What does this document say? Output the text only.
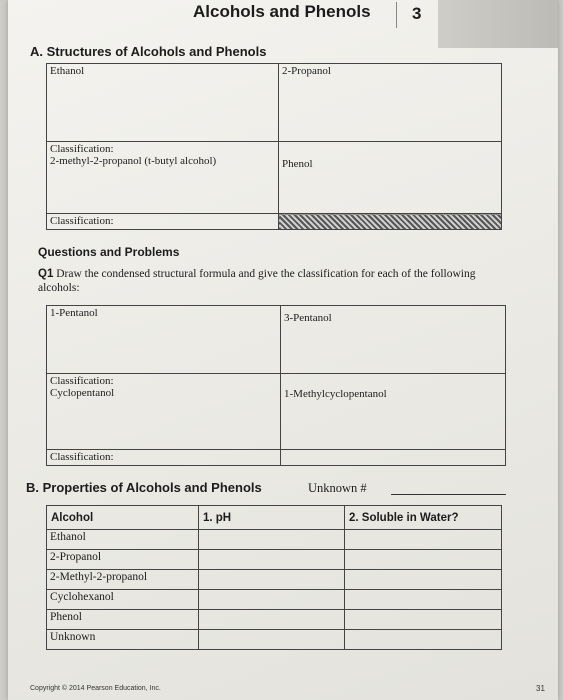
Alcohols and Phenols 3
A. Structures of Alcohols and Phenols
Ethanol	2-Propanol

Classification:
2-methyl-2-propanol (t-butyl alcohol)	Phenol

Classification:	

Questions and Problems
Q1 Draw the condensed structural formula and give the classification for each of the following alcohols:
1-Pentanol	3-Pentanol

Classification:
Cyclopentanol	1-Methylcyclopentanol

Classification:	

B. Properties of Alcohols and Phenols	Unknown #
Alcohol	1. pH	2. Soluble in Water?
Ethanol		
2-Propanol		
2-Methyl-2-propanol		
Cyclohexanol		
Phenol		
Unknown		
Copyright © 2014 Pearson Education, Inc.	31
